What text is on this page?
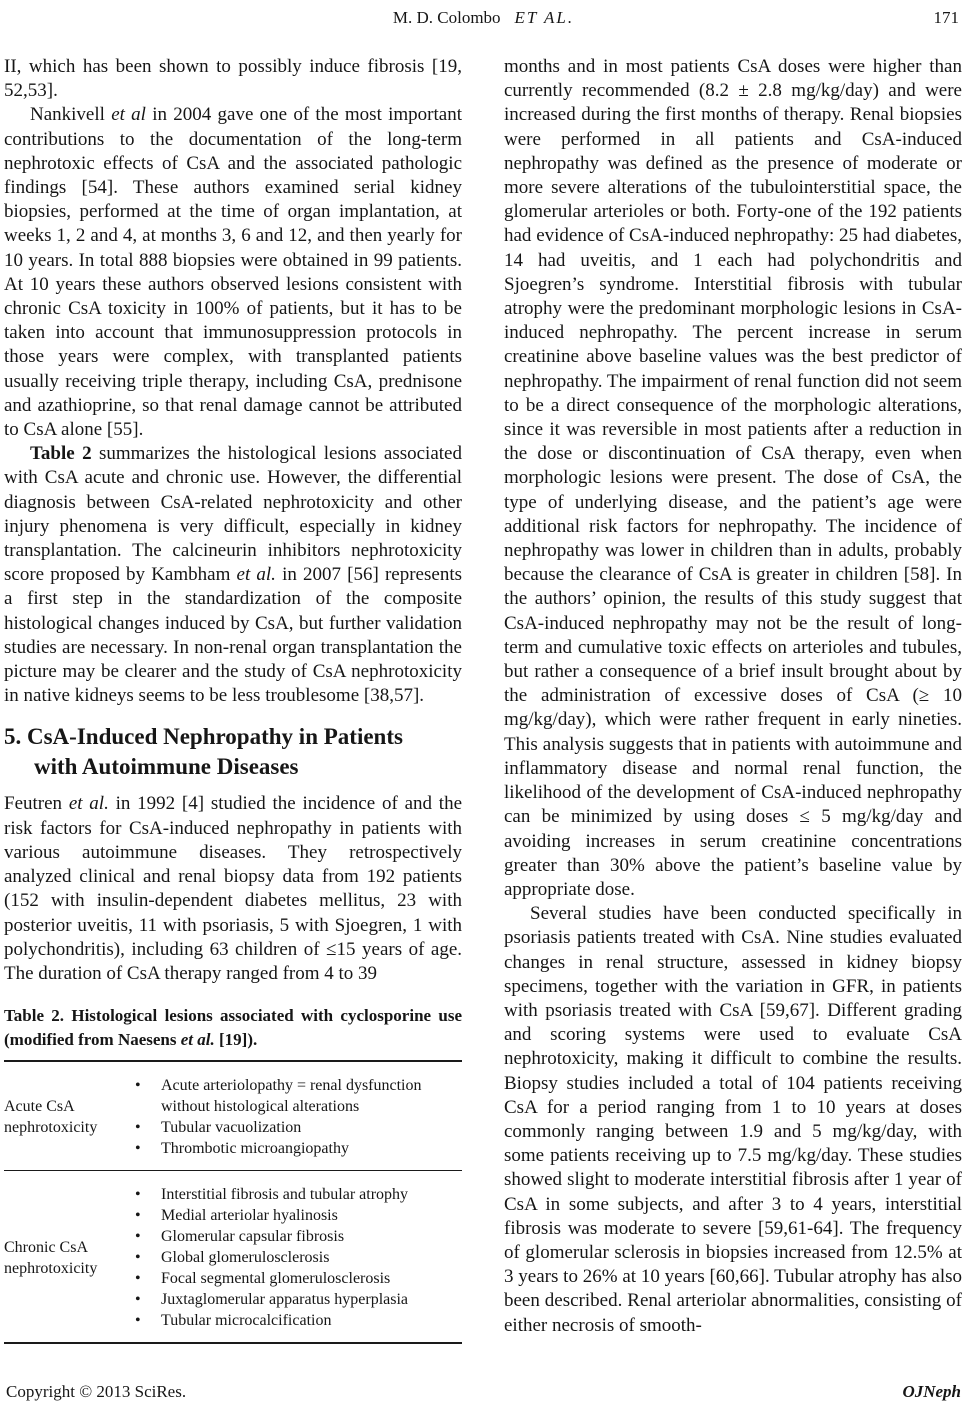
M. D. Colombo ET AL.	171

II, which has been shown to possibly induce fibrosis [19, 52,53].

Nankivell et al in 2004 gave one of the most important contributions to the documentation of the long-term nephrotoxic effects of CsA and the associated pathologic findings [54]. These authors examined serial kidney biopsies, performed at the time of organ implantation, at weeks 1, 2 and 4, at months 3, 6 and 12, and then yearly for 10 years. In total 888 biopsies were obtained in 99 patients. At 10 years these authors observed lesions consistent with chronic CsA toxicity in 100% of patients, but it has to be taken into account that immunosuppression protocols in those years were complex, with transplanted patients usually receiving triple therapy, including CsA, prednisone and azathioprine, so that renal damage cannot be attributed to CsA alone [55].

Table 2 summarizes the histological lesions associated with CsA acute and chronic use. However, the differential diagnosis between CsA-related nephrotoxicity and other injury phenomena is very difficult, especially in kidney transplantation. The calcineurin inhibitors nephrotoxicity score proposed by Kambham et al. in 2007 [56] represents a first step in the standardization of the composite histological changes induced by CsA, but further validation studies are necessary. In non-renal organ transplantation the picture may be clearer and the study of CsA nephrotoxicity in native kidneys seems to be less troublesome [38,57].

5. CsA-Induced Nephropathy in Patients
with Autoimmune Diseases

Feutren et al. in 1992 [4] studied the incidence of and the risk factors for CsA-induced nephropathy in patients with various autoimmune diseases. They retrospectively analyzed clinical and renal biopsy data from 192 patients (152 with insulin-dependent diabetes mellitus, 23 with posterior uveitis, 11 with psoriasis, 5 with Sjoegren, 1 with polychondritis), including 63 children of ≤15 years of age. The duration of CsA therapy ranged from 4 to 39

Table 2. Histological lesions associated with cyclosporine use (modified from Naesens et al. [19]).

Acute CsA nephrotoxicity
•	Acute arteriolopathy = renal dysfunction without histological alterations
•	Tubular vacuolization
•	Thrombotic microangiopathy
Chronic CsA nephrotoxicity
•	Interstitial fibrosis and tubular atrophy
•	Medial arteriolar hyalinosis
•	Glomerular capsular fibrosis
•	Global glomerulosclerosis
•	Focal segmental glomerulosclerosis
•	Juxtaglomerular apparatus hyperplasia
•	Tubular microcalcification

months and in most patients CsA doses were higher than currently recommended (8.2 ± 2.8 mg/kg/day) and were increased during the first months of therapy. Renal biopsies were performed in all patients and CsA-induced nephropathy was defined as the presence of moderate or more severe alterations of the tubulointerstitial space, the glomerular arterioles or both. Forty-one of the 192 patients had evidence of CsA-induced nephropathy: 25 had diabetes, 14 had uveitis, and 1 each had polychondritis and Sjoegren’s syndrome. Interstitial fibrosis with tubular atrophy were the predominant morphologic lesions in CsA-induced nephropathy. The percent increase in serum creatinine above baseline values was the best predictor of nephropathy. The impairment of renal function did not seem to be a direct consequence of the morphologic alterations, since it was reversible in most patients after a reduction in the dose or discontinuation of CsA therapy, even when morphologic lesions were present. The dose of CsA, the type of underlying disease, and the patient’s age were additional risk factors for nephropathy. The incidence of nephropathy was lower in children than in adults, probably because the clearance of CsA is greater in children [58]. In the authors’ opinion, the results of this study suggest that CsA-induced nephropathy may not be the result of long-term and cumulative toxic effects on arterioles and tubules, but rather a consequence of a brief insult brought about by the administration of excessive doses of CsA (≥ 10 mg/kg/day), which were rather frequent in early nineties. This analysis suggests that in patients with autoimmune and inflammatory disease and normal renal function, the likelihood of the development of CsA-induced nephropathy can be minimized by using doses ≤ 5 mg/kg/day and avoiding increases in serum creatinine concentrations greater than 30% above the patient’s baseline value by appropriate dose.

Several studies have been conducted specifically in psoriasis patients treated with CsA. Nine studies evaluated changes in renal structure, assessed in kidney biopsy specimens, together with the variation in GFR, in patients with psoriasis treated with CsA [59,67]. Different grading and scoring systems were used to evaluate CsA nephrotoxicity, making it difficult to combine the results. Biopsy studies included a total of 104 patients receiving CsA for a period ranging from 1 to 10 years at doses commonly ranging between 1.9 and 5 mg/kg/day, with some patients receiving up to 7.5 mg/kg/day. These studies showed slight to moderate interstitial fibrosis after 1 year of CsA in some subjects, and after 3 to 4 years, interstitial fibrosis was moderate to severe [59,61-64]. The frequency of glomerular sclerosis in biopsies increased from 12.5% at 3 years to 26% at 10 years [60,66]. Tubular atrophy has also been described. Renal arteriolar abnormalities, consisting of either necrosis of smooth-

Copyright © 2013 SciRes.	OJNeph
